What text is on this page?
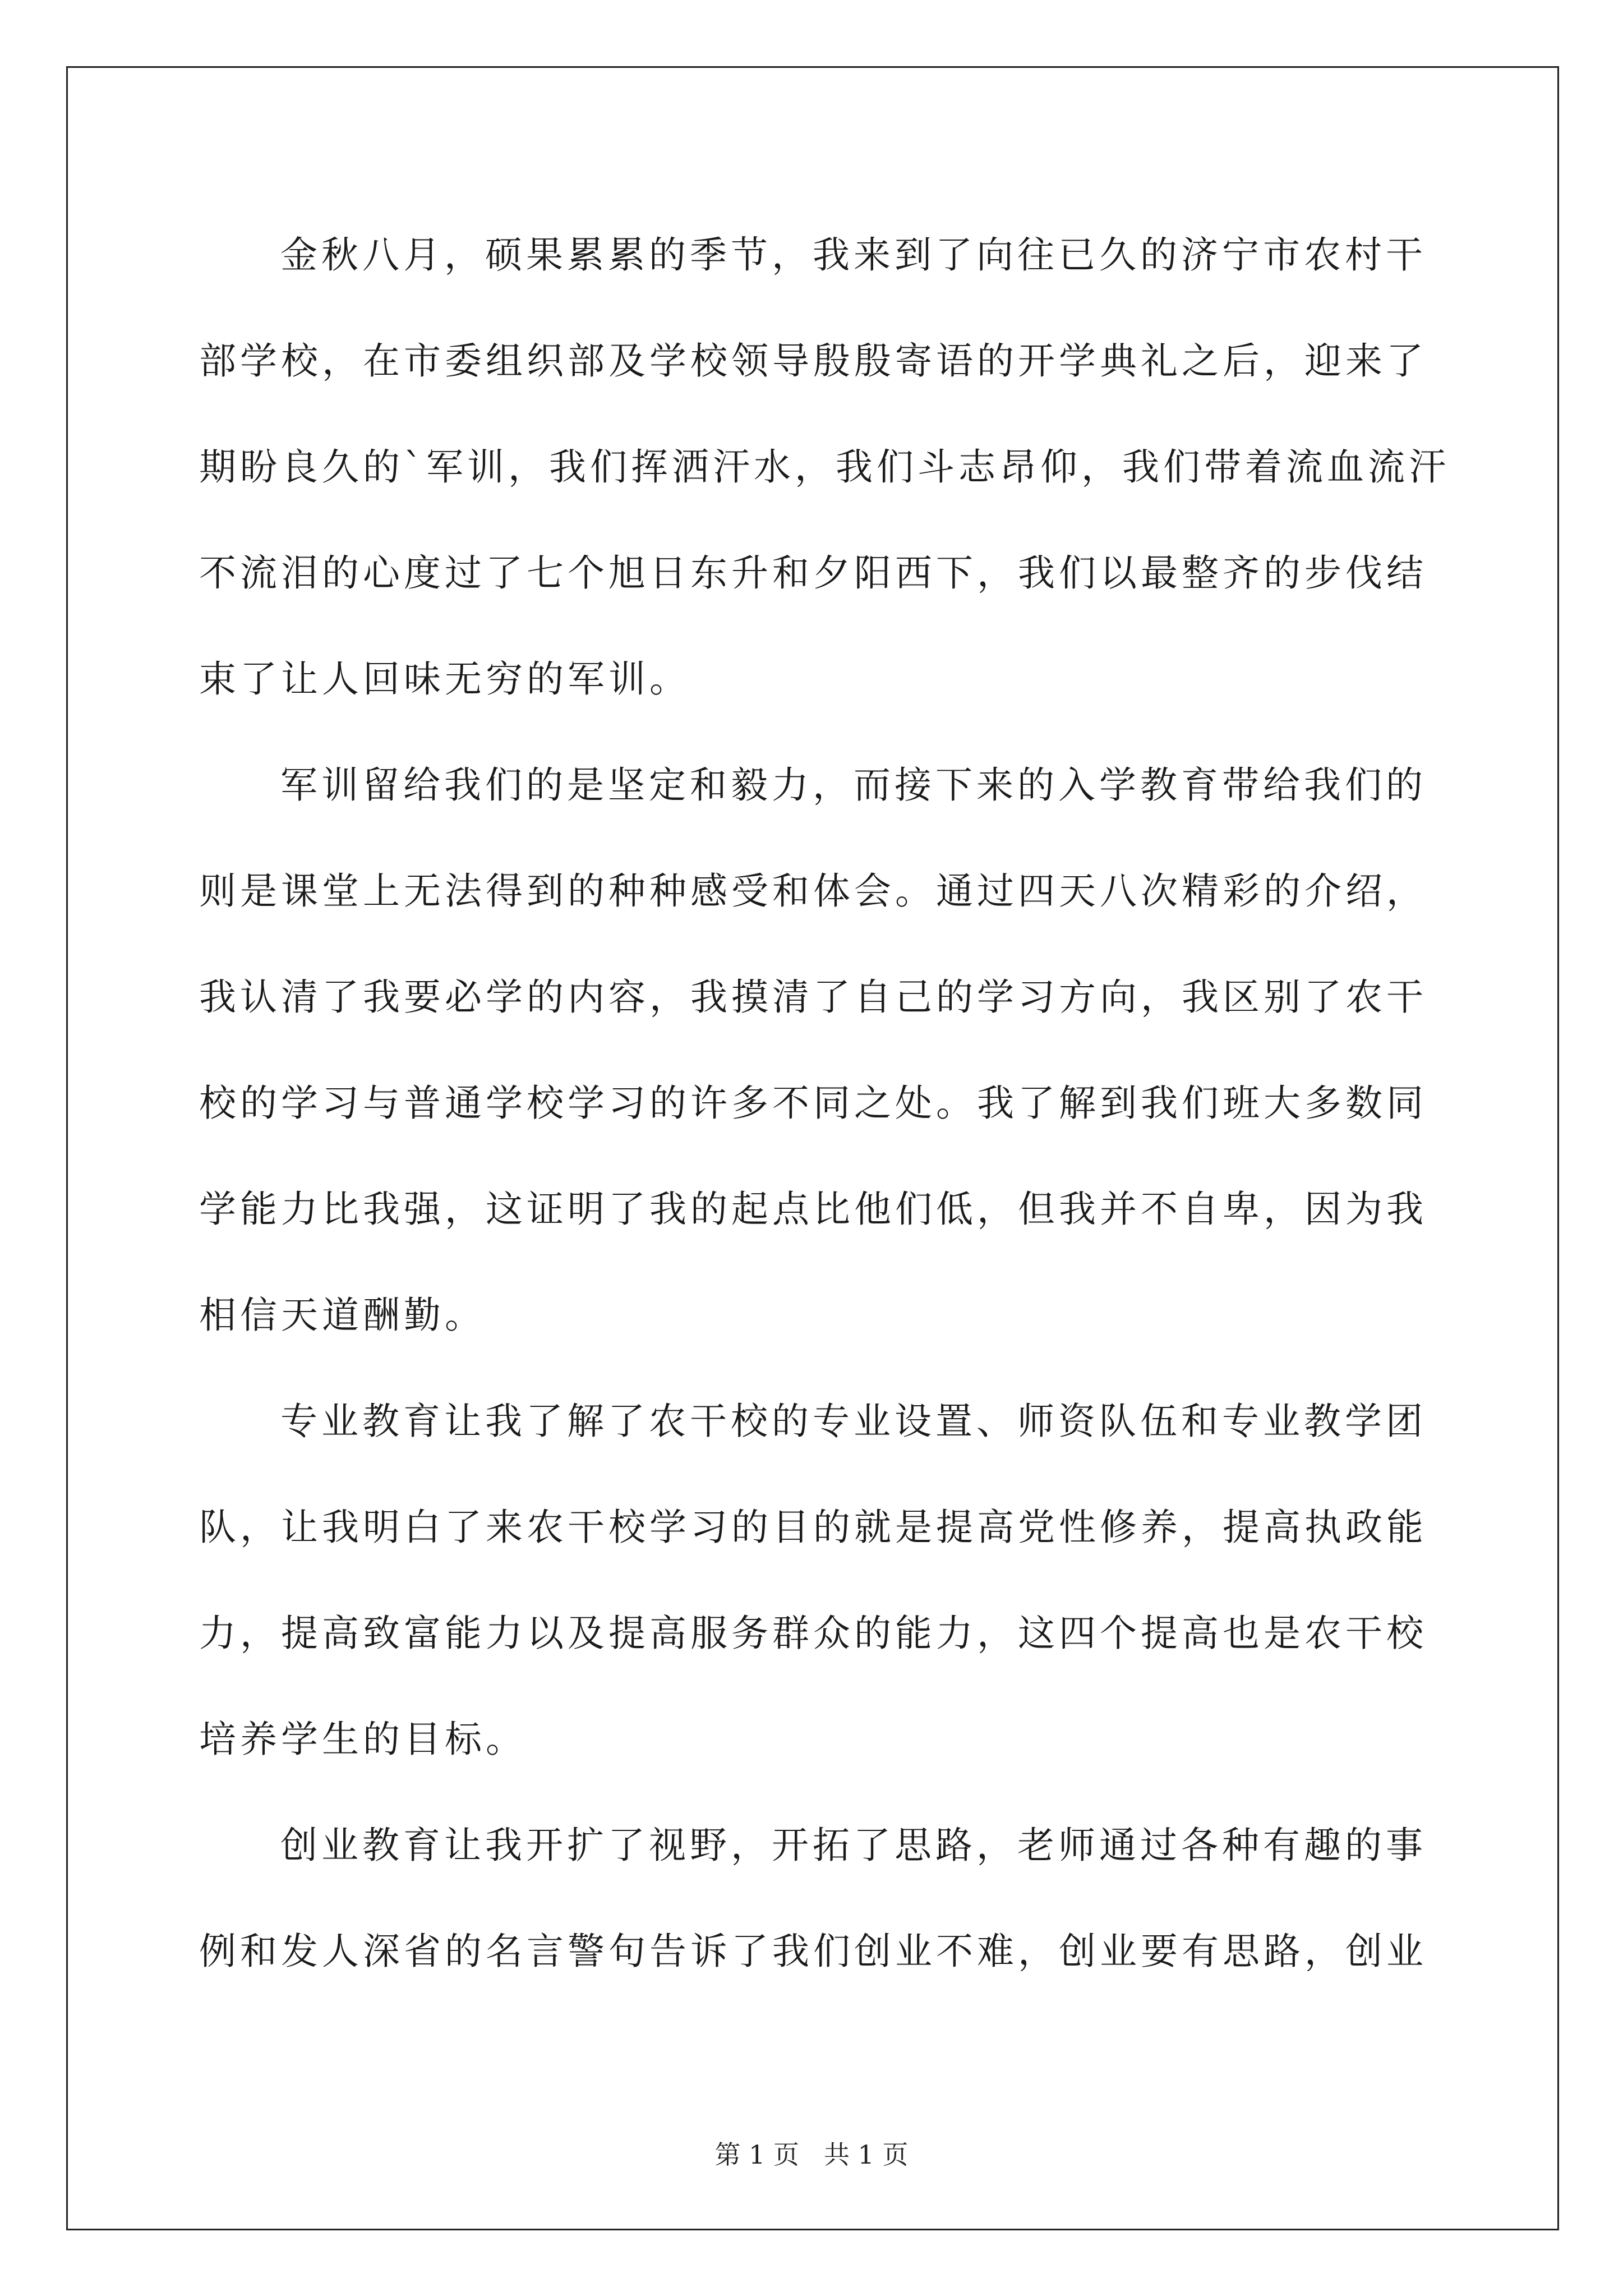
金秋八月，硕果累累的季节，我来到了向往已久的济宁市农村干
部学校，在市委组织部及学校领导殷殷寄语的开学典礼之后，迎来了
期盼良久的`军训，我们挥洒汗水，我们斗志昂仰，我们带着流血流汗
不流泪的心度过了七个旭日东升和夕阳西下，我们以最整齐的步伐结
束了让人回味无穷的军训。
军训留给我们的是坚定和毅力，而接下来的入学教育带给我们的
则是课堂上无法得到的种种感受和体会。通过四天八次精彩的介绍，
我认清了我要必学的内容，我摸清了自己的学习方向，我区别了农干
校的学习与普通学校学习的许多不同之处。我了解到我们班大多数同
学能力比我强，这证明了我的起点比他们低，但我并不自卑，因为我
相信天道酬勤。
专业教育让我了解了农干校的专业设置、师资队伍和专业教学团
队，让我明白了来农干校学习的目的就是提高党性修养，提高执政能
力，提高致富能力以及提高服务群众的能力，这四个提高也是农干校
培养学生的目标。
创业教育让我开扩了视野，开拓了思路，老师通过各种有趣的事
例和发人深省的名言警句告诉了我们创业不难，创业要有思路，创业
第 1 页 共 1 页
